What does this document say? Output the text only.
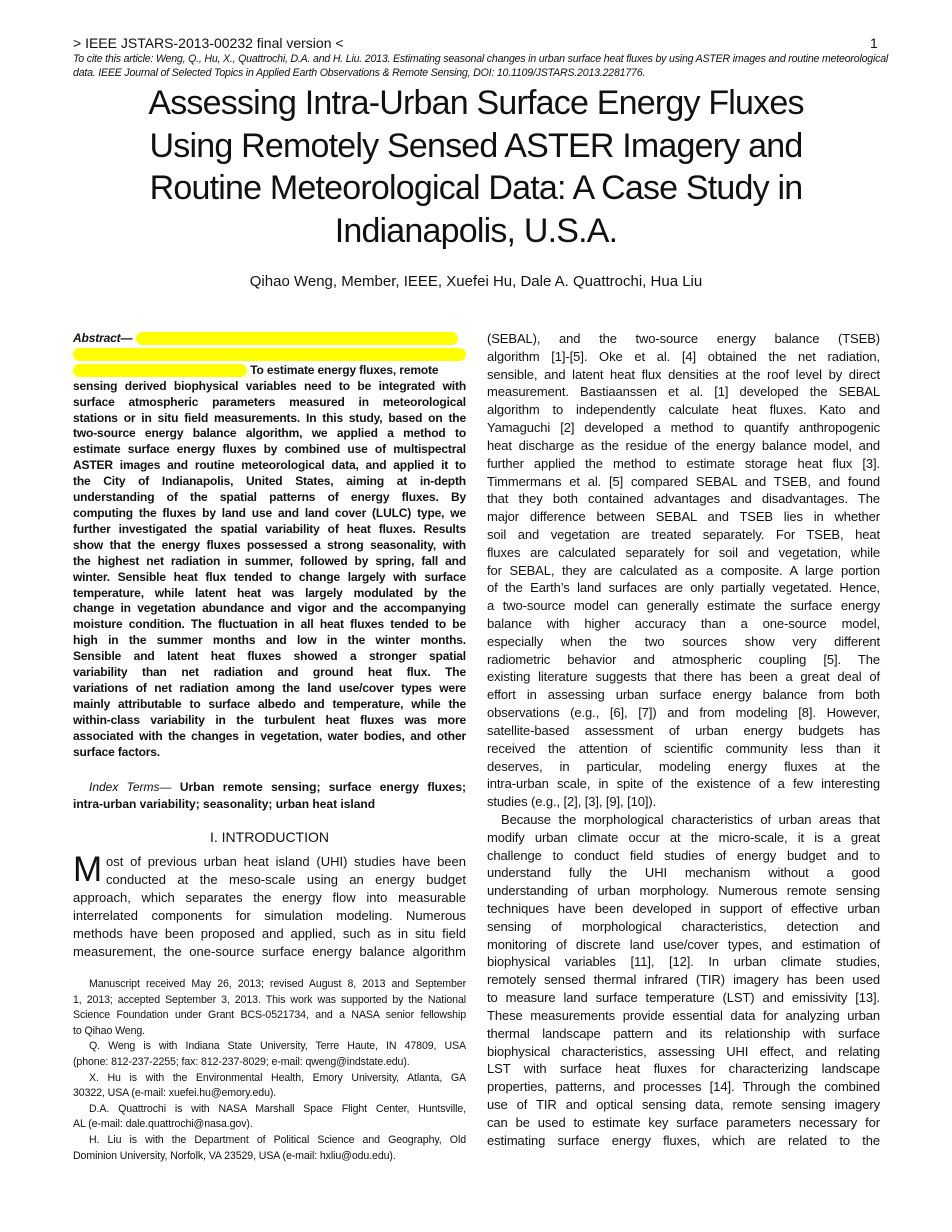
> IEEE JSTARS-2013-00232 final version <	1
To cite this article: Weng, Q., Hu, X., Quattrochi, D.A. and H. Liu. 2013. Estimating seasonal changes in urban surface heat fluxes by using ASTER images and routine meteorological data. IEEE Journal of Selected Topics in Applied Earth Observations & Remote Sensing, DOI: 10.1109/JSTARS.2013.2281776.
Assessing Intra-Urban Surface Energy Fluxes
Using Remotely Sensed ASTER Imagery and
Routine Meteorological Data: A Case Study in
Indianapolis, U.S.A.
Qihao Weng, Member, IEEE, Xuefei Hu, Dale A. Quattrochi, Hua Liu
Abstract—
To estimate energy fluxes, remote
sensing derived biophysical variables need to be integrated with
surface atmospheric parameters measured in meteorological
stations or in situ field measurements. In this study, based on the
two-source energy balance algorithm, we applied a method to
estimate surface energy fluxes by combined use of multispectral
ASTER images and routine meteorological data, and applied it to
the City of Indianapolis, United States, aiming at in-depth
understanding of the spatial patterns of energy fluxes. By
computing the fluxes by land use and land cover (LULC) type, we
further investigated the spatial variability of heat fluxes. Results
show that the energy fluxes possessed a strong seasonality, with
the highest net radiation in summer, followed by spring, fall and
winter. Sensible heat flux tended to change largely with surface
temperature, while latent heat was largely modulated by the
change in vegetation abundance and vigor and the accompanying
moisture condition. The fluctuation in all heat fluxes tended to be
high in the summer months and low in the winter months.
Sensible and latent heat fluxes showed a stronger spatial
variability than net radiation and ground heat flux. The
variations of net radiation among the land use/cover types were
mainly attributable to surface albedo and temperature, while the
within-class variability in the turbulent heat fluxes was more
associated with the changes in vegetation, water bodies, and other
surface factors.
Index Terms— Urban remote sensing; surface energy fluxes;
intra-urban variability; seasonality; urban heat island
I. INTRODUCTION
M ost of previous urban heat island (UHI) studies have been
conducted at the meso-scale using an energy budget
approach, which separates the energy flow into measurable
interrelated components for simulation modeling. Numerous
methods have been proposed and applied, such as in situ field
measurement, the one-source surface energy balance algorithm
Manuscript received May 26, 2013; revised August 8, 2013 and September
1, 2013; accepted September 3, 2013. This work was supported by the National
Science Foundation under Grant BCS-0521734, and a NASA senior fellowship
to Qihao Weng.
Q. Weng is with Indiana State University, Terre Haute, IN 47809, USA
(phone: 812-237-2255; fax: 812-237-8029; e-mail: qweng@indstate.edu).
X. Hu is with the Environmental Health, Emory University, Atlanta, GA
30322, USA (e-mail: xuefei.hu@emory.edu).
D.A. Quattrochi is with NASA Marshall Space Flight Center, Huntsville,
AL (e-mail: dale.quattrochi@nasa.gov).
H. Liu is with the Department of Political Science and Geography, Old
Dominion University, Norfolk, VA 23529, USA (e-mail: hxliu@odu.edu).
(SEBAL), and the two-source energy balance (TSEB)
algorithm [1]-[5]. Oke et al. [4] obtained the net radiation,
sensible, and latent heat flux densities at the roof level by direct
measurement. Bastiaanssen et al. [1] developed the SEBAL
algorithm to independently calculate heat fluxes. Kato and
Yamaguchi [2] developed a method to quantify anthropogenic
heat discharge as the residue of the energy balance model, and
further applied the method to estimate storage heat flux [3].
Timmermans et al. [5] compared SEBAL and TSEB, and found
that they both contained advantages and disadvantages. The
major difference between SEBAL and TSEB lies in whether
soil and vegetation are treated separately. For TSEB, heat
fluxes are calculated separately for soil and vegetation, while
for SEBAL, they are calculated as a composite. A large portion
of the Earth’s land surfaces are only partially vegetated. Hence,
a two-source model can generally estimate the surface energy
balance with higher accuracy than a one-source model,
especially when the two sources show very different
radiometric behavior and atmospheric coupling [5]. The
existing literature suggests that there has been a great deal of
effort in assessing urban surface energy balance from both
observations (e.g., [6], [7]) and from modeling [8]. However,
satellite-based assessment of urban energy budgets has
received the attention of scientific community less than it
deserves, in particular, modeling energy fluxes at the
intra-urban scale, in spite of the existence of a few interesting
studies (e.g., [2], [3], [9], [10]).
Because the morphological characteristics of urban areas that
modify urban climate occur at the micro-scale, it is a great
challenge to conduct field studies of energy budget and to
understand fully the UHI mechanism without a good
understanding of urban morphology. Numerous remote sensing
techniques have been developed in support of effective urban
sensing of morphological characteristics, detection and
monitoring of discrete land use/cover types, and estimation of
biophysical variables [11], [12]. In urban climate studies,
remotely sensed thermal infrared (TIR) imagery has been used
to measure land surface temperature (LST) and emissivity [13].
These measurements provide essential data for analyzing urban
thermal landscape pattern and its relationship with surface
biophysical characteristics, assessing UHI effect, and relating
LST with surface heat fluxes for characterizing landscape
properties, patterns, and processes [14]. Through the combined
use of TIR and optical sensing data, remote sensing imagery
can be used to estimate key surface parameters necessary for
estimating surface energy fluxes, which are related to the
